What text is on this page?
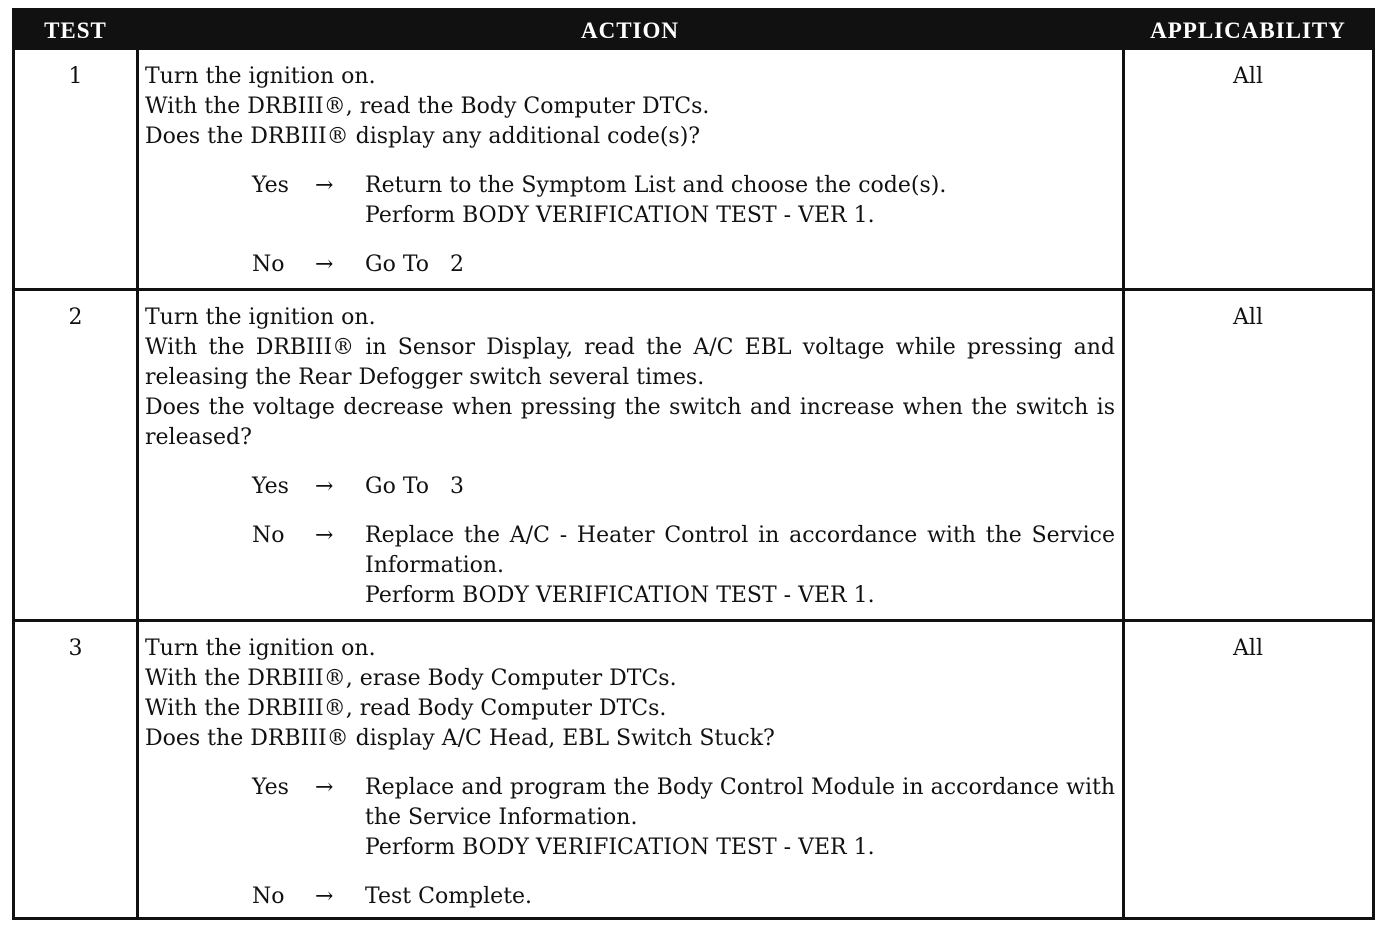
TEST	ACTION	APPLICABILITY
1	Turn the ignition on.
With the DRBIII®, read the Body Computer DTCs.
Does the DRBIII® display any additional code(s)?
Yes → Return to the Symptom List and choose the code(s).
Perform BODY VERIFICATION TEST - VER 1.
No → Go To   2
All
2	Turn the ignition on.
With the DRBIII® in Sensor Display, read the A/C EBL voltage while pressing and releasing the Rear Defogger switch several times.
Does the voltage decrease when pressing the switch and increase when the switch is released?
Yes → Go To   3
No → Replace the A/C - Heater Control in accordance with the Service Information.
Perform BODY VERIFICATION TEST - VER 1.
All
3	Turn the ignition on.
With the DRBIII®, erase Body Computer DTCs.
With the DRBIII®, read Body Computer DTCs.
Does the DRBIII® display A/C Head, EBL Switch Stuck?
Yes → Replace and program the Body Control Module in accordance with the Service Information.
Perform BODY VERIFICATION TEST - VER 1.
No → Test Complete.
All
